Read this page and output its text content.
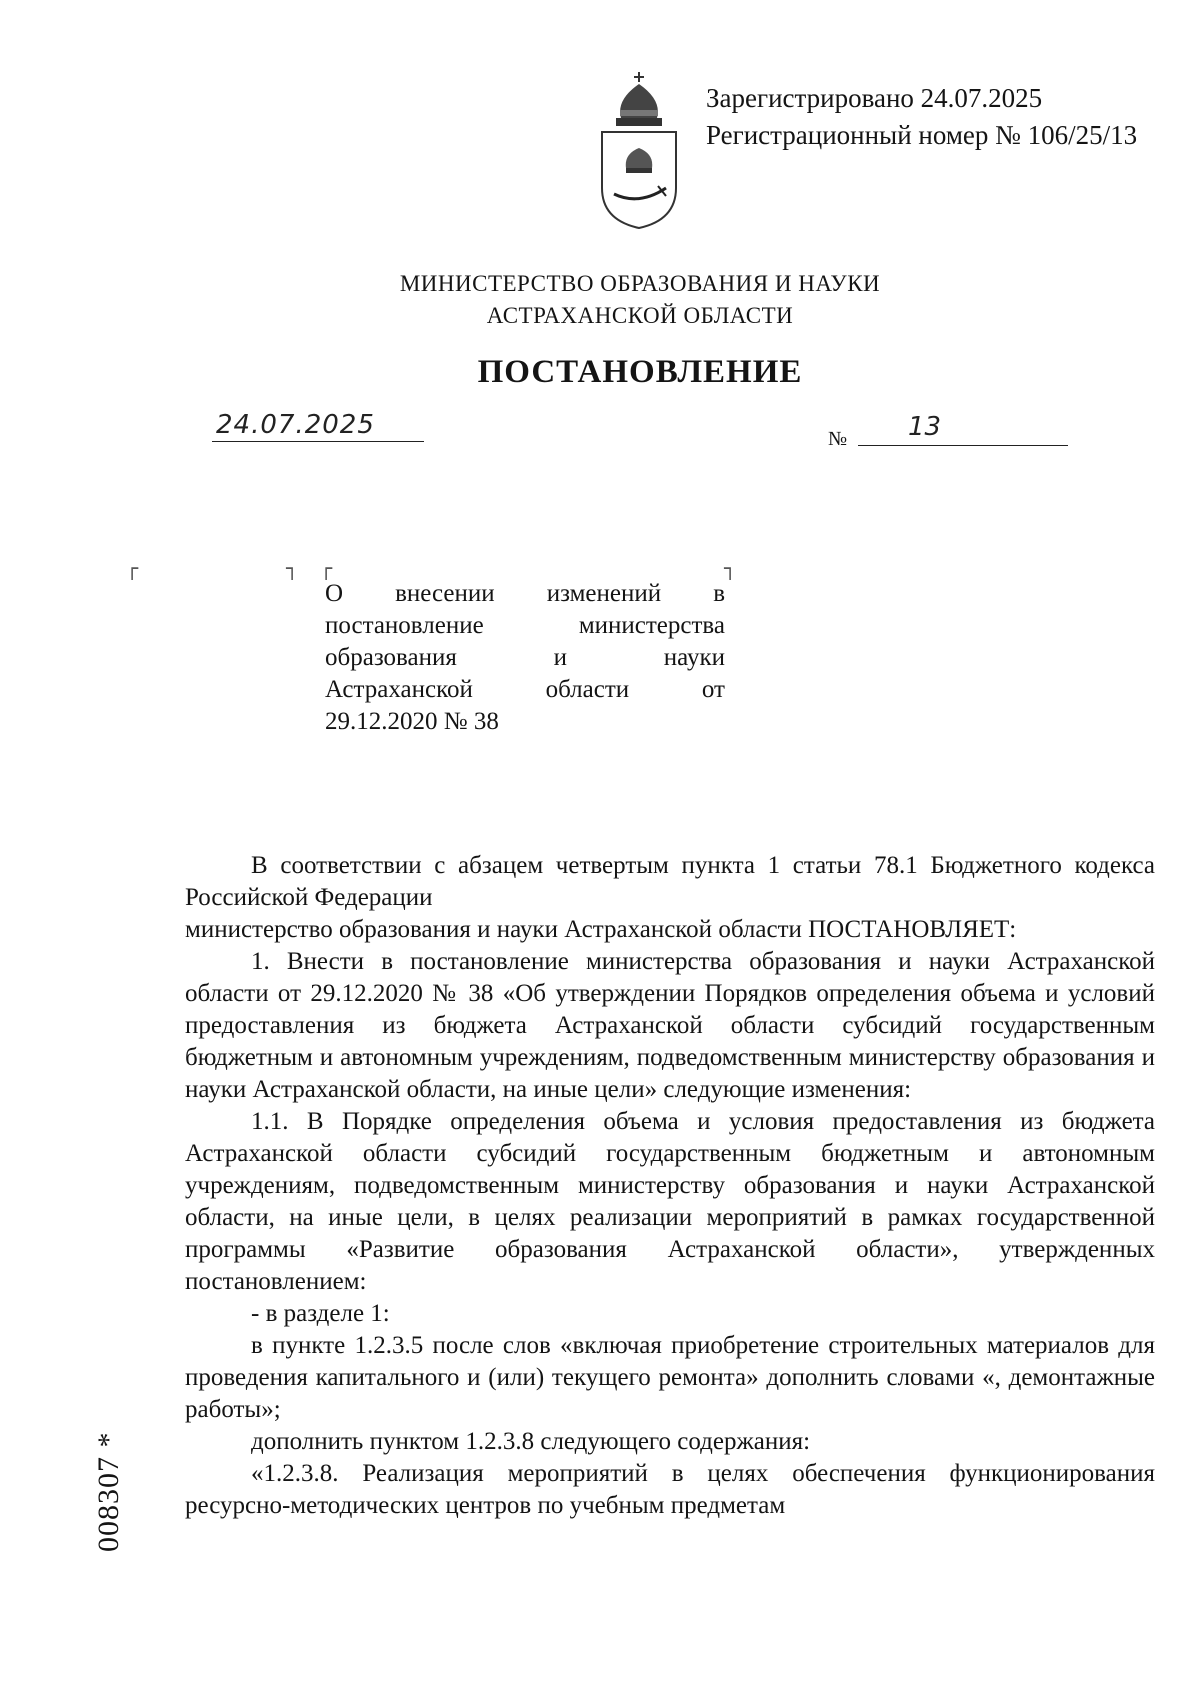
Зарегистрировано 24.07.2025
Регистрационный номер № 106/25/13
МИНИСТЕРСТВО ОБРАЗОВАНИЯ И НАУКИ
АСТРАХАНСКОЙ ОБЛАСТИ
ПОСТАНОВЛЕНИЕ
24.07.2025	№ 13
┌	┐ ┌	┐
О внесении изменений в
постановление министерства
образования и науки
Астраханской области от
29.12.2020 № 38

В соответствии с абзацем четвертым пункта 1 статьи 78.1 Бюджетного кодекса Российской Федерации

министерство образования и науки Астраханской области ПОСТАНОВЛЯЕТ:

1. Внести в постановление министерства образования и науки Астраханской области от 29.12.2020 № 38 «Об утверждении Порядков определения объема и условий предоставления из бюджета Астраханской области субсидий государственным бюджетным и автономным учреждениям, подведомственным министерству образования и науки Астраханской области, на иные цели» следующие изменения:

1.1. В Порядке определения объема и условия предоставления из бюджета Астраханской области субсидий государственным бюджетным и автономным учреждениям, подведомственным министерству образования и науки Астраханской области, на иные цели, в целях реализации мероприятий в рамках государственной программы «Развитие образования Астраханской области», утвержденных постановлением:

- в разделе 1:

в пункте 1.2.3.5 после слов «включая приобретение строительных материалов для проведения капитального и (или) текущего ремонта» дополнить словами «, демонтажные работы»;

дополнить пунктом 1.2.3.8 следующего содержания:

«1.2.3.8. Реализация мероприятий в целях обеспечения функционирования ресурсно-методических центров по учебным предметам

008307 *
